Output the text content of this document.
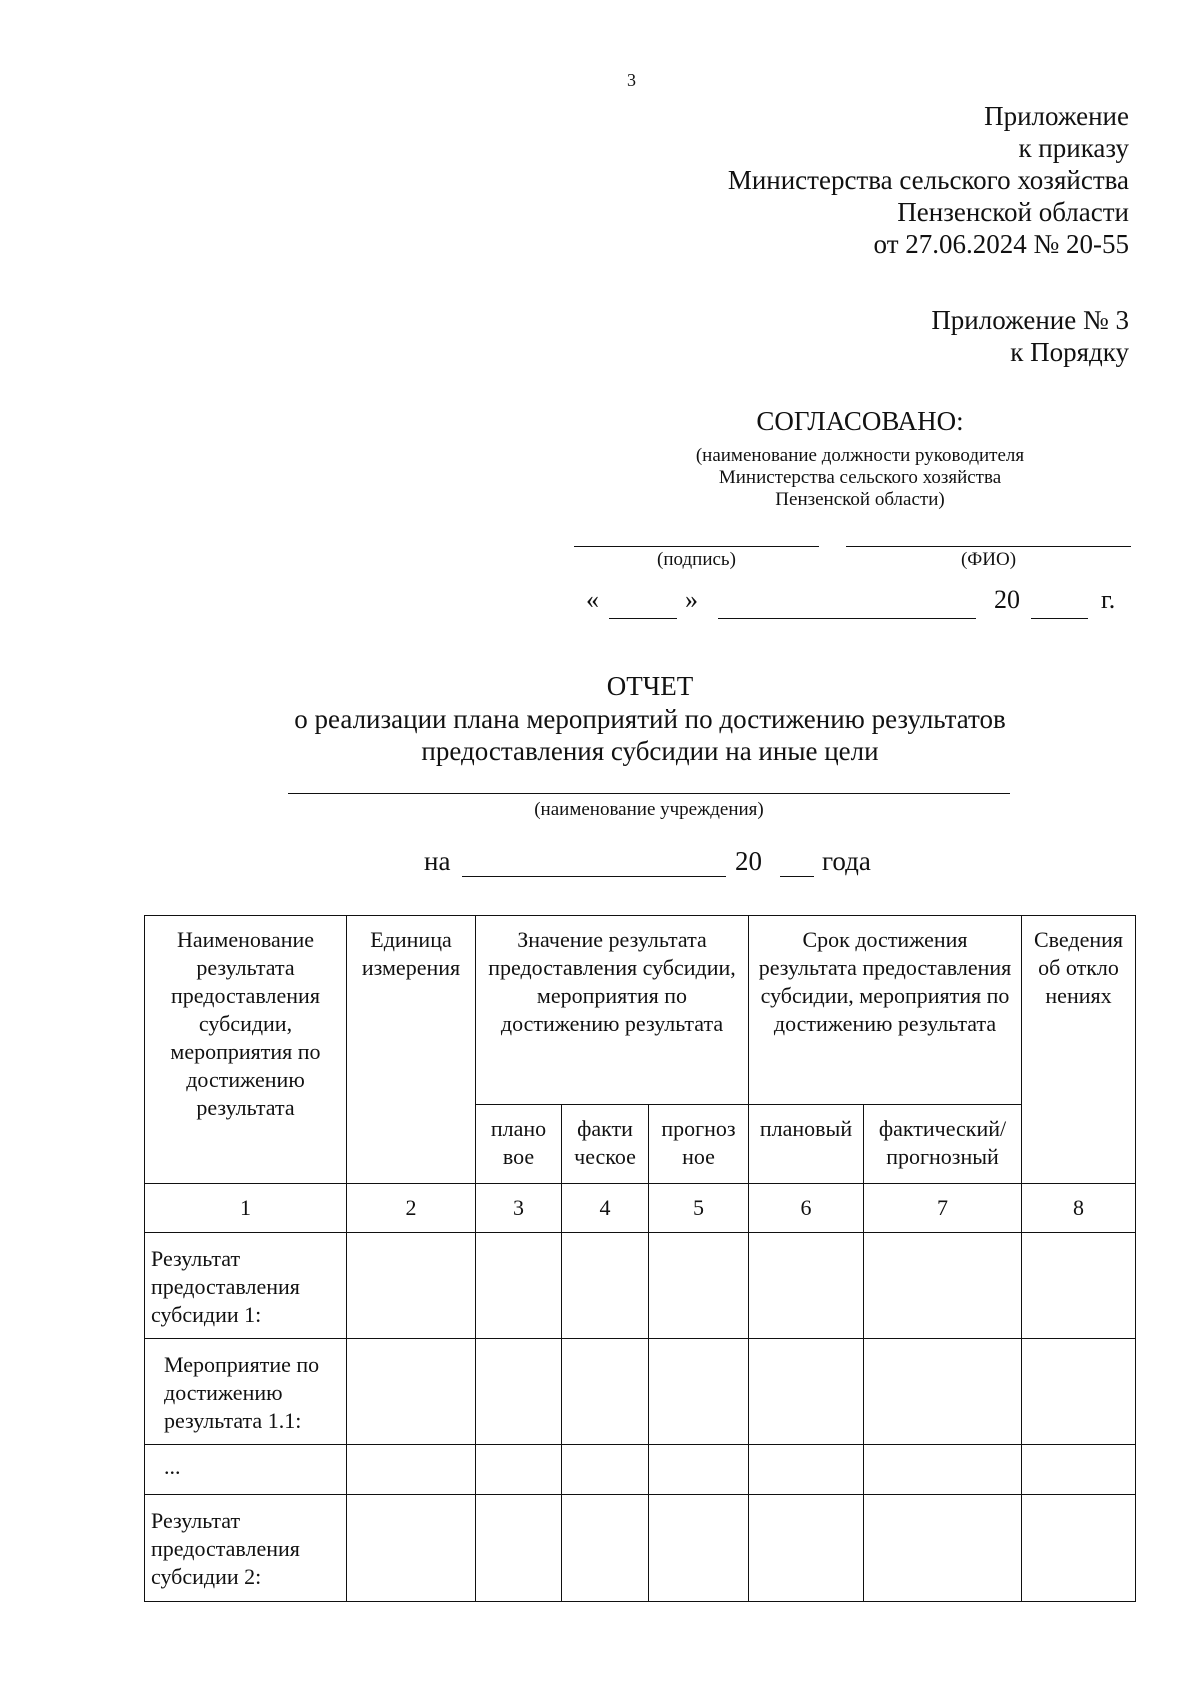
3
Приложение
к приказу
Министерства сельского хозяйства
Пензенской области
от 27.06.2024 № 20-55
Приложение № 3
к Порядку
СОГЛАСОВАНО:
(наименование должности руководителя
Министерства сельского хозяйства
Пензенской области)
(подпись)	(ФИО)
«	»	20	г.
ОТЧЕТ
о реализации плана мероприятий по достижению результатов
предоставления субсидии на иные цели
(наименование учреждения)
на	20 года
Наименование результата предоставления субсидии, мероприятия по достижению результата	Единица измерения	Значение результата предоставления субсидии, мероприятия по достижению результата			Срок достижения результата предоставления субсидии, мероприятия по достижению результата		Сведения об откло нениях
		плано вое	факти ческое	прогноз ное	плановый	фактический/ прогнозный	
1	2	3	4	5	6	7	8
Результат предоставления субсидии 1:							
Мероприятие по достижению результата 1.1:							
...							
Результат предоставления субсидии 2:							
